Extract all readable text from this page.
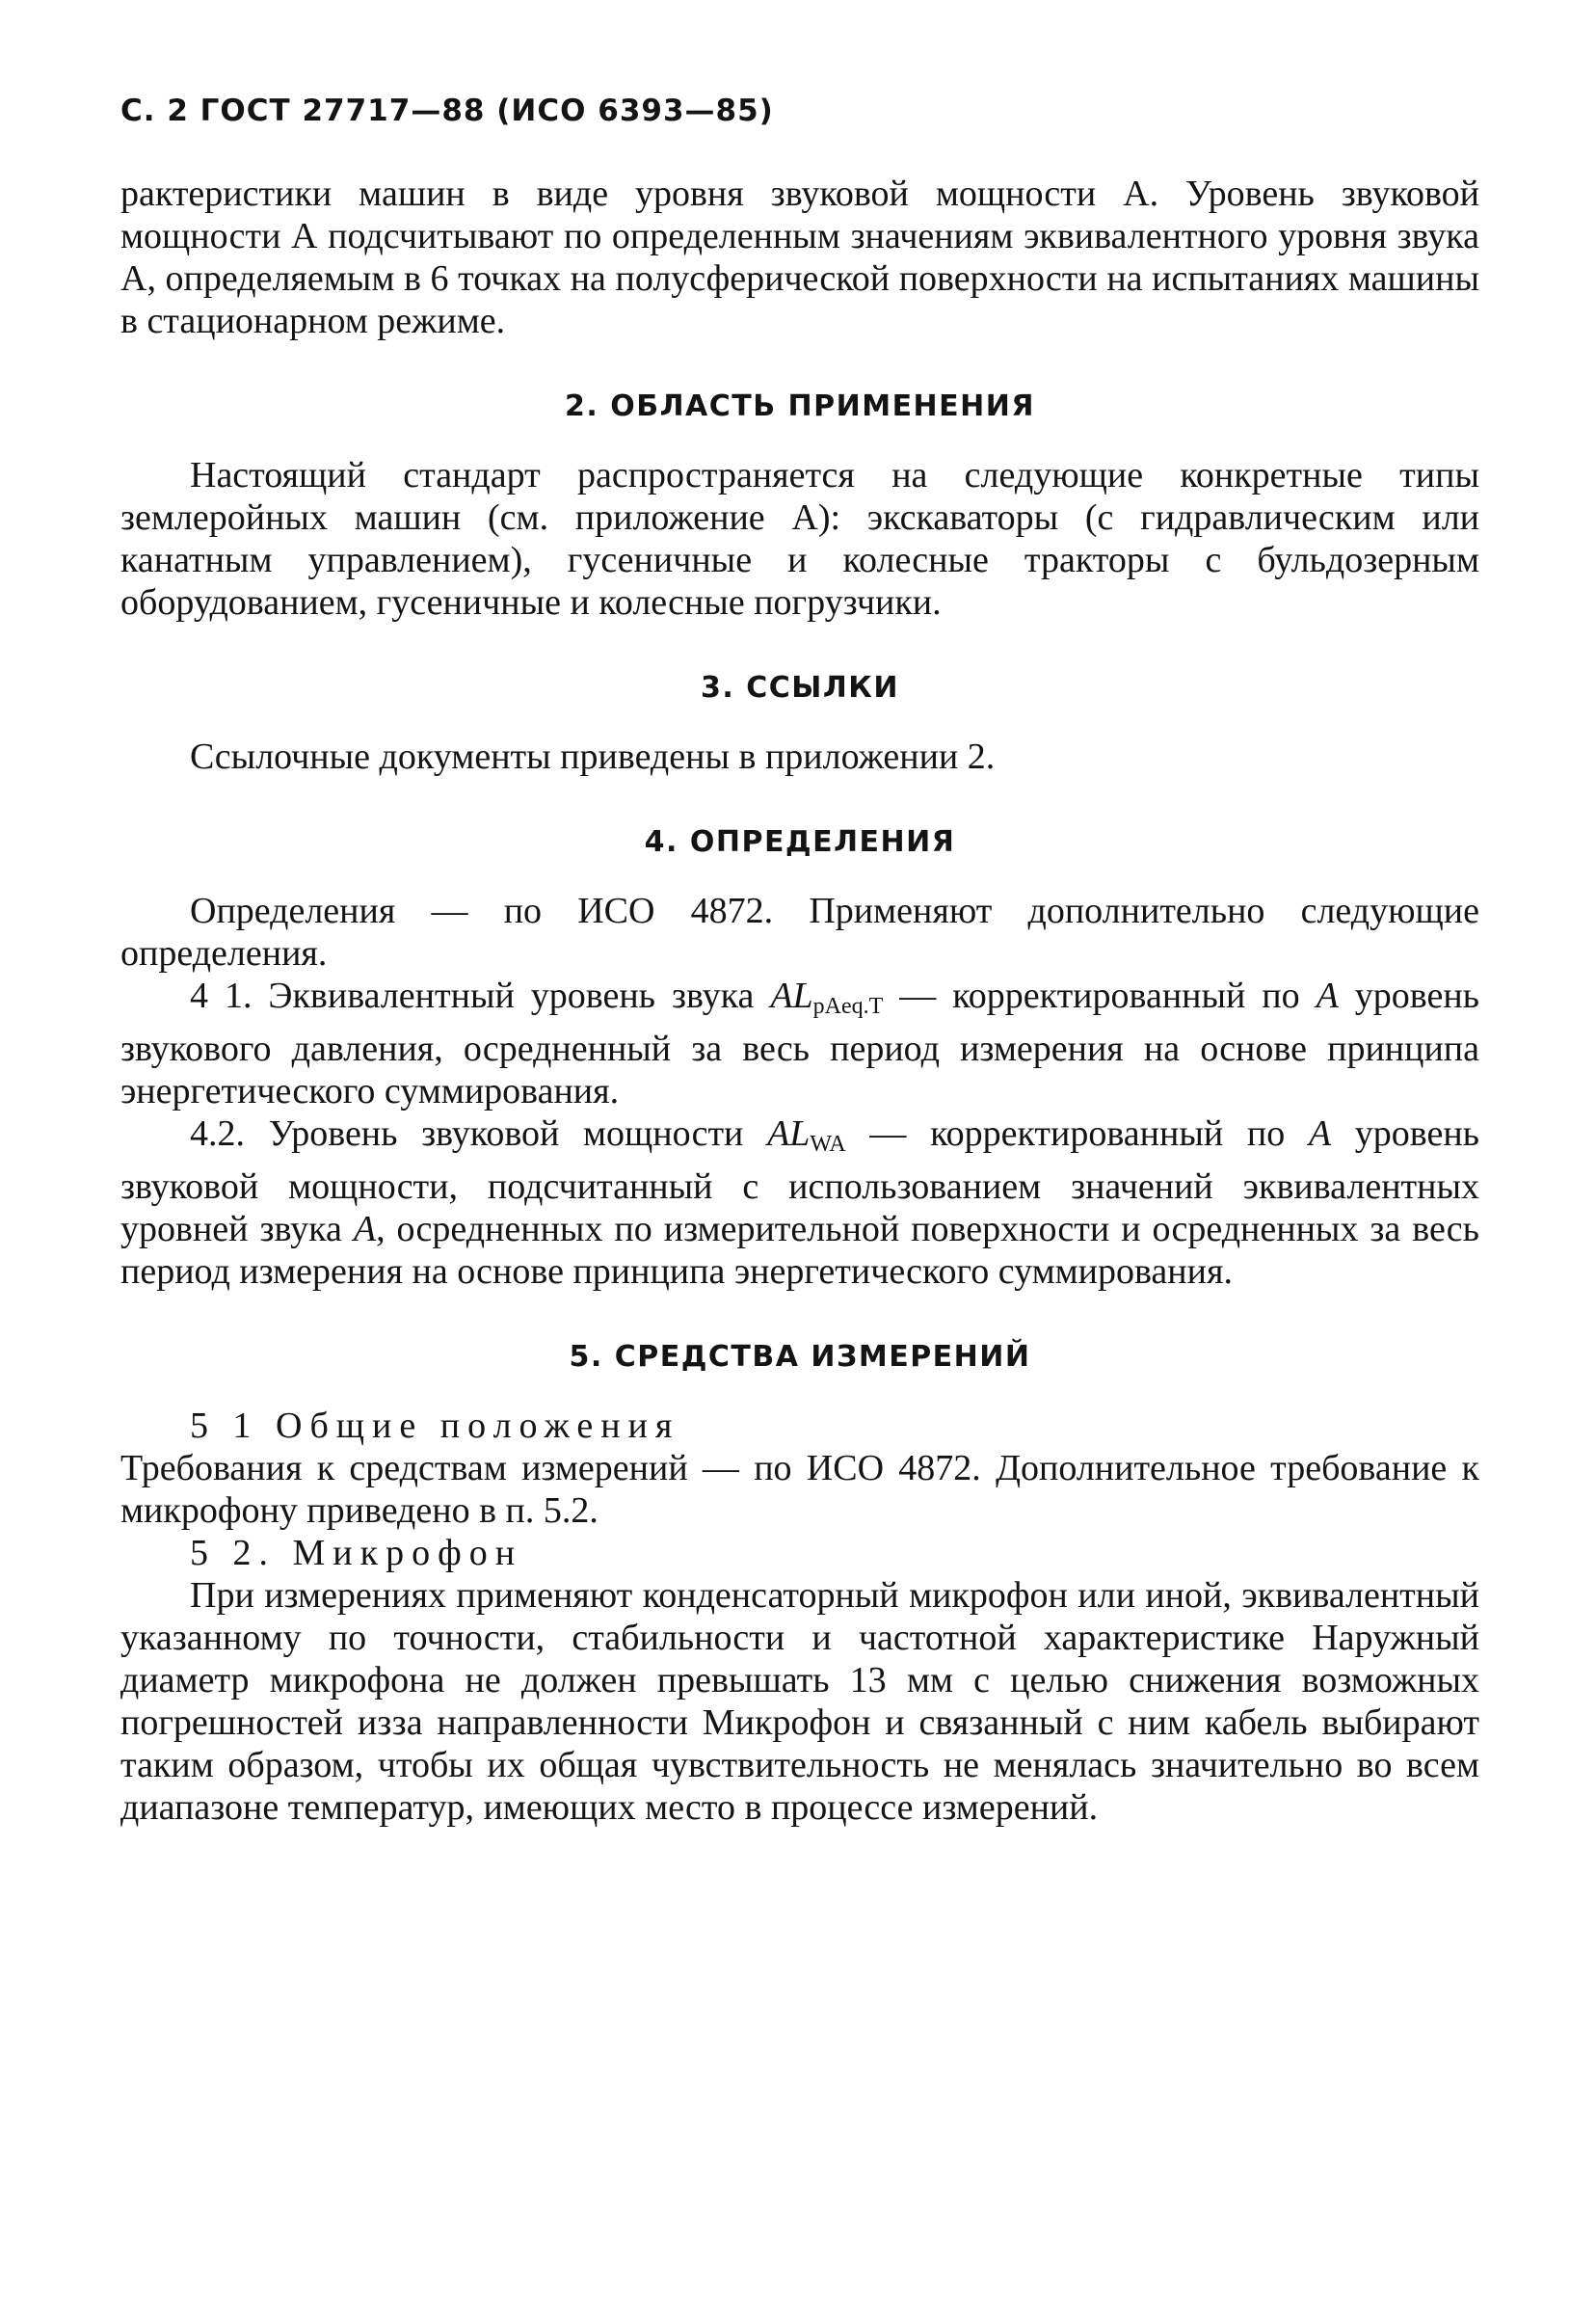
С. 2 ГОСТ 27717—88 (ИСО 6393—85)

рактеристики машин в виде уровня звуковой мощности А. Уровень звуковой мощности А подсчитывают по определенным значениям эквивалентного уровня звука А, определяемым в 6 точках на полусферической поверхности на испытаниях машины в стационарном режиме.

2. ОБЛАСТЬ ПРИМЕНЕНИЯ

Настоящий стандарт распространяется на следующие конкретные типы землеройных машин (см. приложение А): экскаваторы (с гидравлическим или канатным управлением), гусеничные и колесные тракторы с бульдозерным оборудованием, гусеничные и колесные погрузчики.

3. ССЫЛКИ

Ссылочные документы приведены в приложении 2.

4. ОПРЕДЕЛЕНИЯ

Определения — по ИСО 4872. Применяют дополнительно следующие определения.

4 1. Эквивалентный уровень звука $AL_{pAeq.T}$ — корректированный по А уровень звукового давления, осредненный за весь период измерения на основе принципа энергетического суммирования.

4.2. Уровень звуковой мощности $AL_{WA}$ — корректированный по А уровень звуковой мощности, подсчитанный с использованием значений эквивалентных уровней звука А, осредненных по измерительной поверхности и осредненных за весь период измерения на основе принципа энергетического суммирования.

5. СРЕДСТВА ИЗМЕРЕНИЙ

5 1 Общие положения

Требования к средствам измерений — по ИСО 4872. Дополнительное требование к микрофону приведено в п. 5.2.

5 2. Микрофон

При измерениях применяют конденсаторный микрофон или иной, эквивалентный указанному по точности, стабильности и частотной характеристике Наружный диаметр микрофона не должен превышать 13 мм с целью снижения возможных погрешностей изза направленности Микрофон и связанный с ним кабель выбирают таким образом, чтобы их общая чувствительность не менялась значительно во всем диапазоне температур, имеющих место в процессе измерений.
